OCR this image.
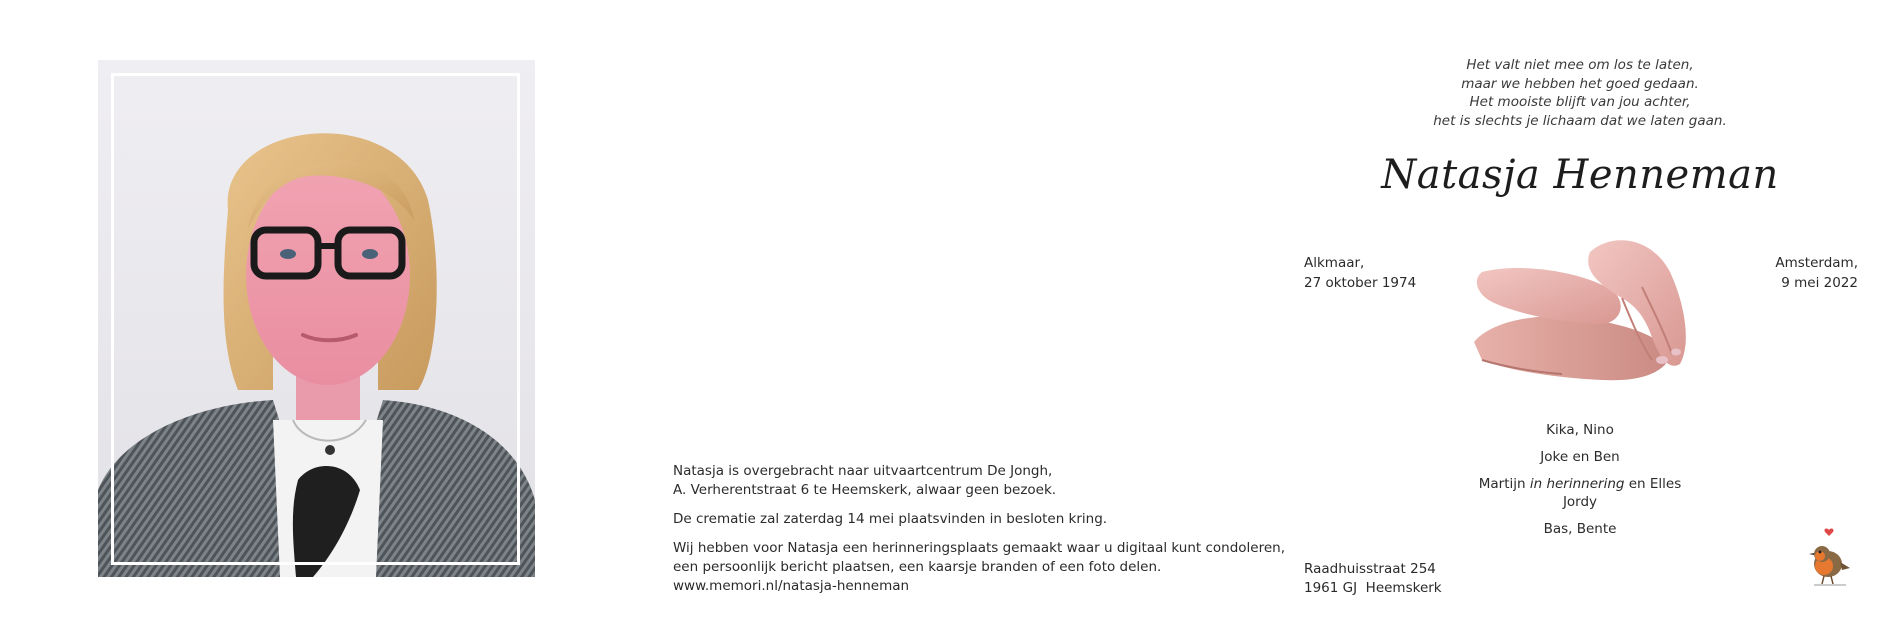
Natasja is overgebracht naar uitvaartcentrum De Jongh,
A. Verherentstraat 6 te Heemskerk, alwaar geen bezoek.

De crematie zal zaterdag 14 mei plaatsvinden in besloten kring.

Wij hebben voor Natasja een herinneringsplaats gemaakt waar u digitaal kunt condoleren,
een persoonlijk bericht plaatsen, een kaarsje branden of een foto delen.
www.memori.nl/natasja-henneman

Het valt niet mee om los te laten,
maar we hebben het goed gedaan.
Het mooiste blijft van jou achter,
het is slechts je lichaam dat we laten gaan.
Natasja Henneman
Alkmaar,
27 oktober 1974
Amsterdam,
9 mei 2022
Kika, Nino
Joke en Ben
Martijn in herinnering en Elles
Jordy
Bas, Bente
Raadhuisstraat 254
1961 GJ  Heemskerk
